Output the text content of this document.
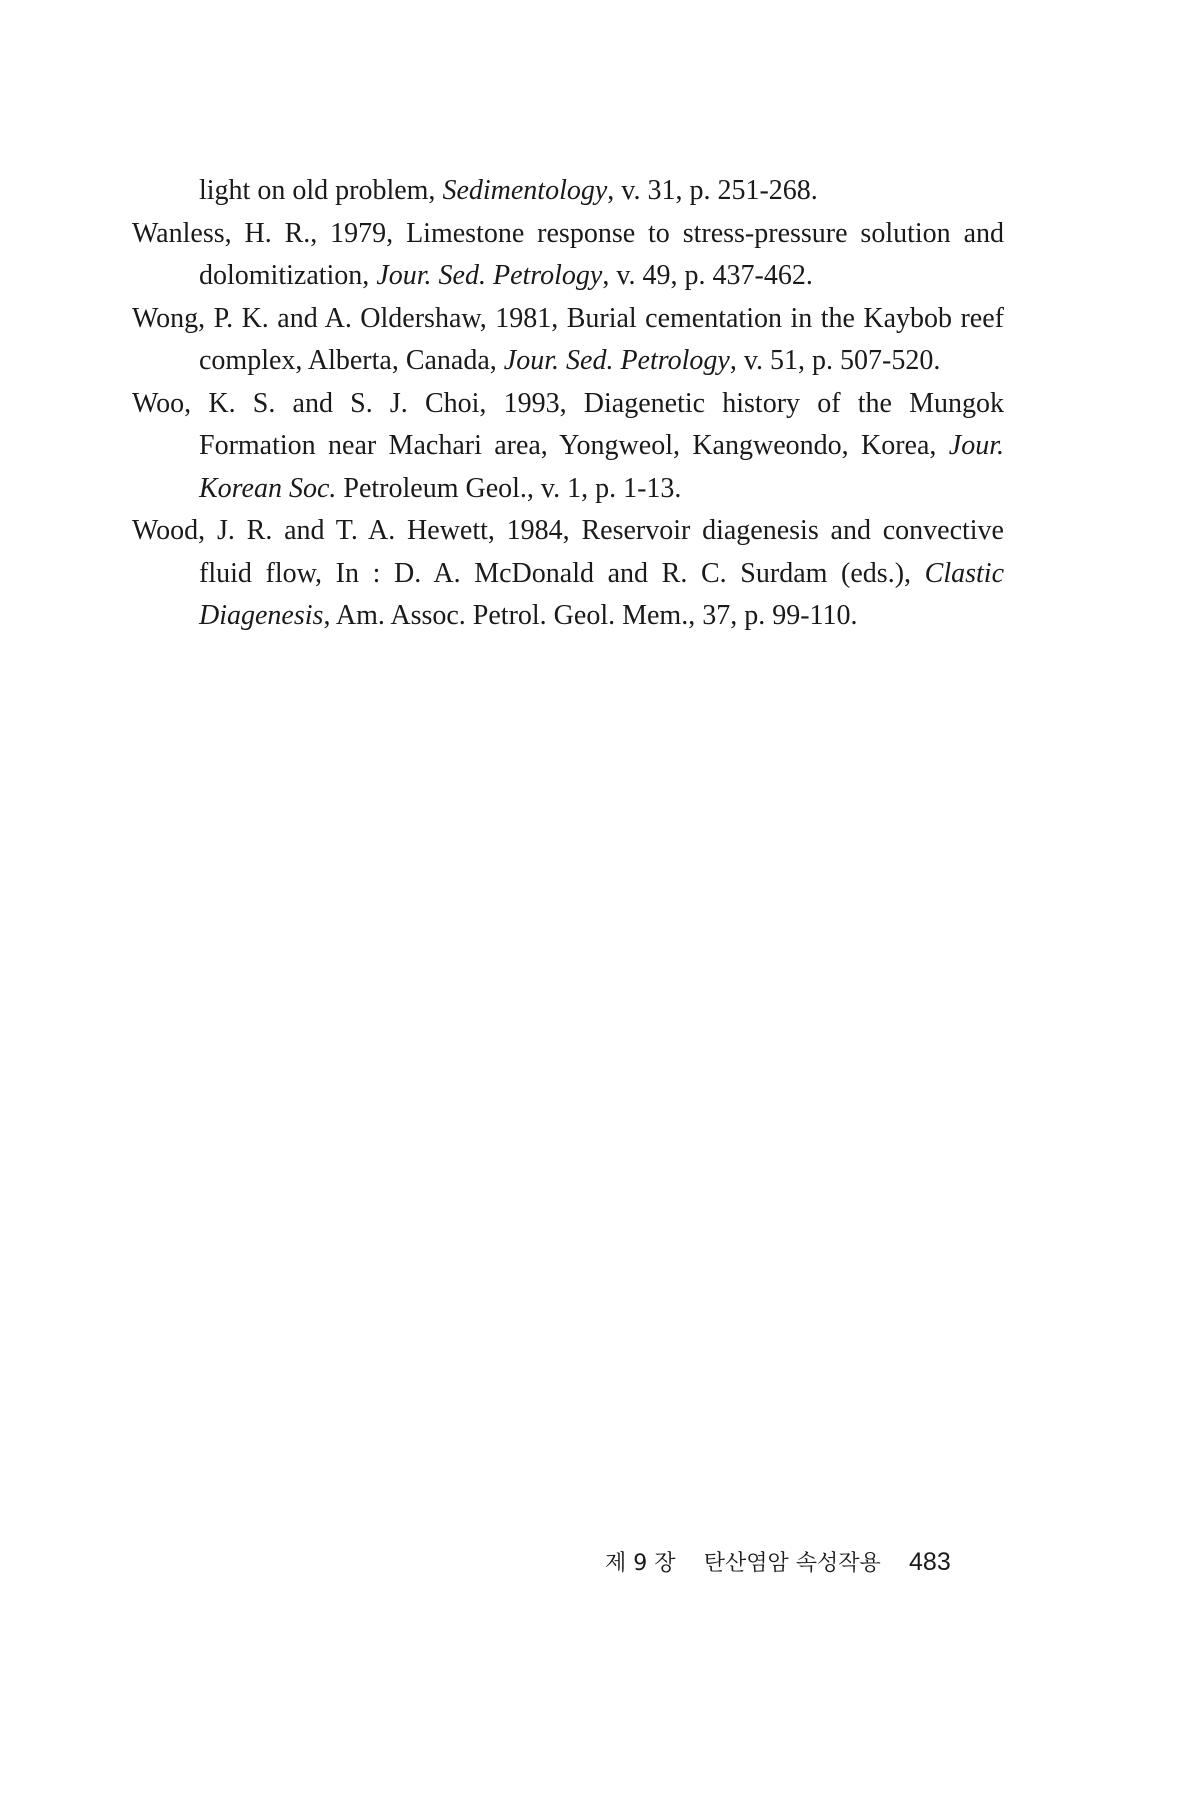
light on old problem, Sedimentology, v. 31, p. 251-268.

Wanless, H. R., 1979, Limestone response to stress-pressure solution and dolomitization, Jour. Sed. Petrology, v. 49, p. 437-462.

Wong, P. K. and A. Oldershaw, 1981, Burial cementation in the Kaybob reef complex, Alberta, Canada, Jour. Sed. Petrology, v. 51, p. 507-520.

Woo, K. S. and S. J. Choi, 1993, Diagenetic history of the Mungok Formation near Machari area, Yongweol, Kangweondo, Korea, Jour. Korean Soc. Petroleum Geol., v. 1, p. 1-13.

Wood, J. R. and T. A. Hewett, 1984, Reservoir diagenesis and convective fluid flow, In : D. A. McDonald and R. C. Surdam (eds.), Clastic Diagenesis, Am. Assoc. Petrol. Geol. Mem., 37, p. 99-110.

제 9 장 탄산염암 속성작용 483
